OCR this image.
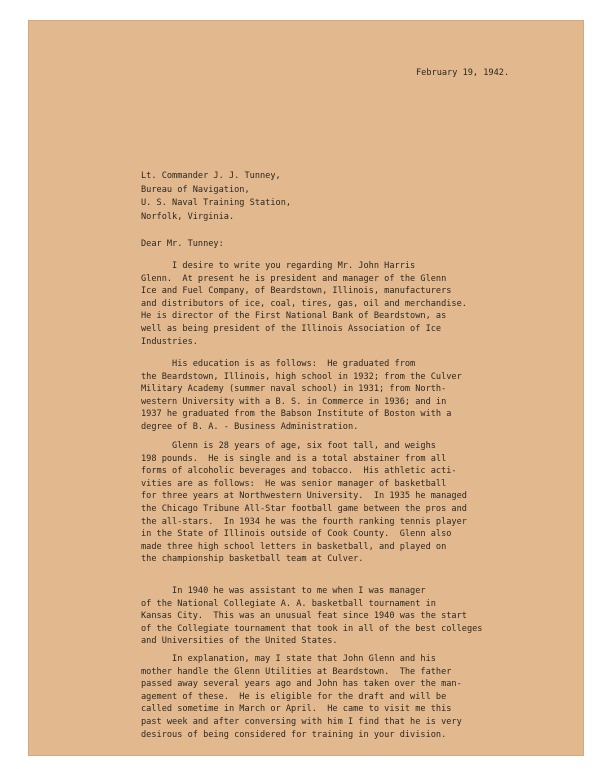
February 19, 1942.
Lt. Commander J. J. Tunney,
Bureau of Navigation,
U. S. Naval Training Station,
Norfolk, Virginia.
Dear Mr. Tunney:
I desire to write you regarding Mr. John Harris
Glenn.  At present he is president and manager of the Glenn
Ice and Fuel Company, of Beardstown, Illinois, manufacturers
and distributors of ice, coal, tires, gas, oil and merchandise.
He is director of the First National Bank of Beardstown, as
well as being president of the Illinois Association of Ice
Industries.
His education is as follows:  He graduated from
the Beardstown, Illinois, high school in 1932; from the Culver
Military Academy (summer naval school) in 1931; from North-
western University with a B. S. in Commerce in 1936; and in
1937 he graduated from the Babson Institute of Boston with a
degree of B. A. - Business Administration.
Glenn is 28 years of age, six foot tall, and weighs
198 pounds.  He is single and is a total abstainer from all
forms of alcoholic beverages and tobacco.  His athletic acti-
vities are as follows:  He was senior manager of basketball
for three years at Northwestern University.  In 1935 he managed
the Chicago Tribune All-Star football game between the pros and
the all-stars.  In 1934 he was the fourth ranking tennis player
in the State of Illinois outside of Cook County.  Glenn also
made three high school letters in basketball, and played on
the championship basketball team at Culver.
In 1940 he was assistant to me when I was manager
of the National Collegiate A. A. basketball tournament in
Kansas City.  This was an unusual feat since 1940 was the start
of the Collegiate tournament that took in all of the best colleges
and Universities of the United States.
In explanation, may I state that John Glenn and his
mother handle the Glenn Utilities at Beardstown.  The father
passed away several years ago and John has taken over the man-
agement of these.  He is eligible for the draft and will be
called sometime in March or April.  He came to visit me this
past week and after conversing with him I find that he is very
desirous of being considered for training in your division.
